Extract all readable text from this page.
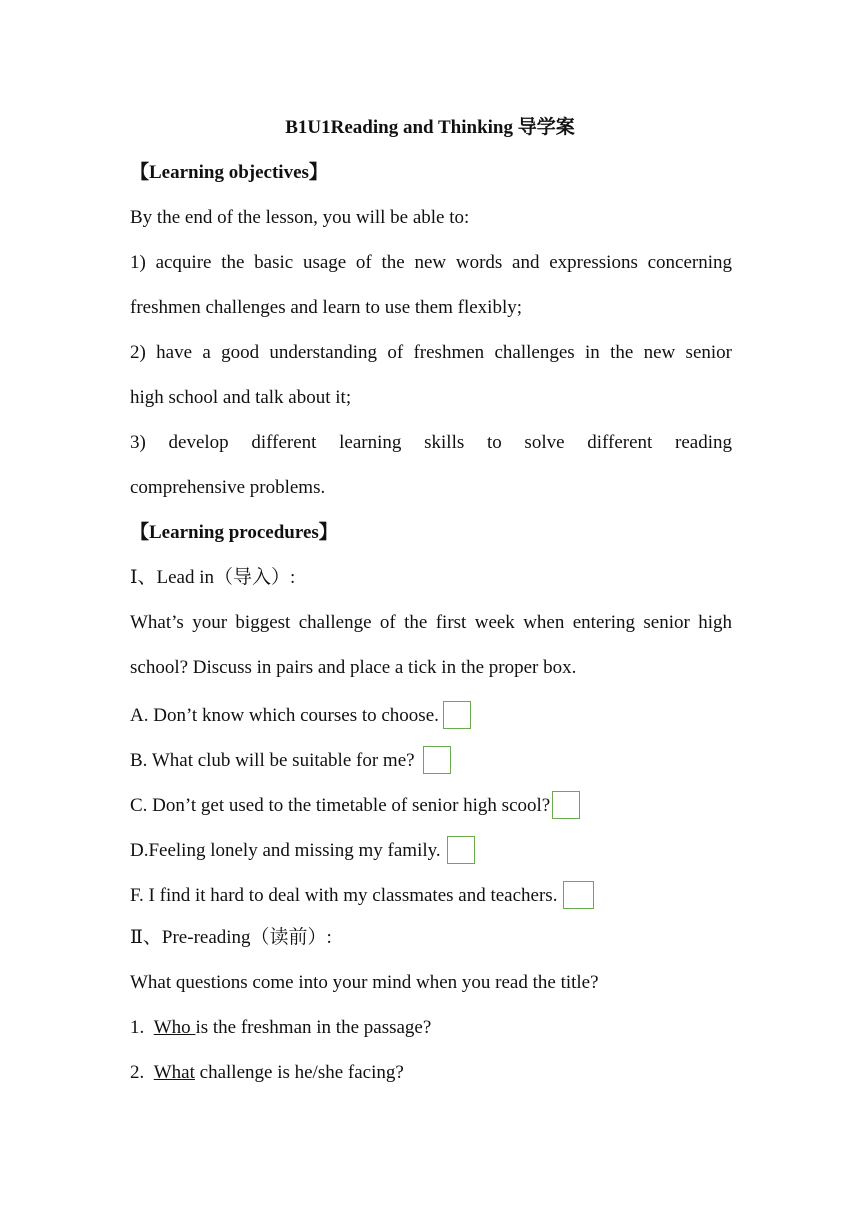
B1U1Reading and Thinking 导学案
【Learning objectives】
By the end of the lesson, you will be able to:
1) acquire the basic usage of the new words and expressions concerning
freshmen challenges and learn to use them flexibly;
2) have a good understanding of freshmen challenges in the new senior
high school and talk about it;
3) develop different learning skills to solve different reading
comprehensive problems.
【Learning procedures】
Ⅰ、Lead in（导入）:
What’s your biggest challenge of the first week when entering senior high
school? Discuss in pairs and place a tick in the proper box.
A. Don’t know which courses to choose.
B. What club will be suitable for me?
C. Don’t get used to the timetable of senior high scool?
D.Feeling lonely and missing my family.
F. I find it hard to deal with my classmates and teachers.
Ⅱ、Pre-reading（读前）:
What questions come into your mind when you read the title?
1. Who is the freshman in the passage?
2. What challenge is he/she facing?
